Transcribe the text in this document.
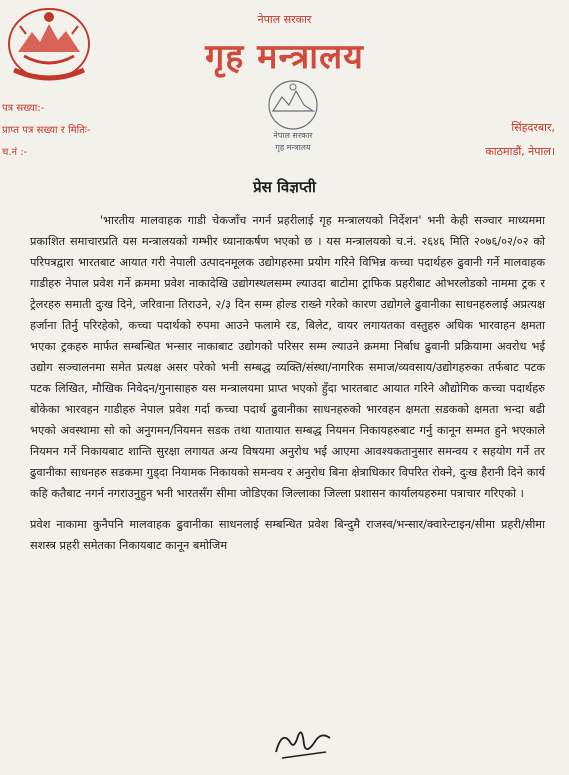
नेपाल सरकार
गृह मन्त्रालय
पत्र सख्या:-
प्राप्त पत्र सख्या र मितिः-
च.नं :-
सिंहदरबार,
काठमाडौं, नेपाल।
नेपाल सरकार
गृह मन्त्रालय
प्रेस विज्ञप्ती

'भारतीय मालवाहक गाडी चेकजाँच नगर्न प्रहरीलाई गृह मन्त्रालयको निर्देशन' भनी केही सञ्चार माध्यममा प्रकाशित समाचारप्रति यस मन्त्रालयको गम्भीर ध्यानाकर्षण भएको छ । यस मन्त्रालयको च.नं. २६४६ मिति २०७६/०२/०२ को परिपत्रद्वारा भारतबाट आयात गरी नेपाली उत्पादनमूलक उद्योगहरुमा प्रयोग गरिने विभिन्न कच्चा पदार्थहरु ढुवानी गर्ने मालवाहक गाडीहरु नेपाल प्रवेश गर्ने क्रममा प्रवेश नाकादेखि उद्योगस्थलसम्म ल्याउदा बाटोमा ट्राफिक प्रहरीबाट ओभरलोडको नाममा ट्रक र ट्रेलरहरु समाती दुःख दिने, जरिवाना तिराउने, २/३ दिन सम्म होल्ड राख्ने गरेको कारण उद्योगले ढुवानीका साधनहरुलाई अप्रत्यक्ष हर्जाना तिर्नु परिरहेको, कच्चा पदार्थको रुपमा आउने फलामे रड, बिलेट, वायर लगायतका वस्तुहरु अधिक भारवाहन क्षमता भएका ट्रकहरु मार्फत सम्बन्धित भन्सार नाकाबाट उद्योगको परिसर सम्म ल्याउने क्रममा निर्बाध ढुवानी प्रक्रियामा अवरोध भई उद्योग सञ्चालनमा समेत प्रत्यक्ष असर परेको भनी सम्बद्ध व्यक्ति/संस्था/नागरिक समाज/व्यवसाय/उद्योगहरुका तर्फबाट पटक पटक लिखित, मौखिक निवेदन/गुनासाहरु यस मन्त्रालयमा प्राप्त भएको हुँदा भारतबाट आयात गरिने औद्योगिक कच्चा पदार्थहरु बोकेका भारवहन गाडीहरु नेपाल प्रवेश गर्दा कच्चा पदार्थ ढुवानीका साधनहरुको भारवहन क्षमता सडकको क्षमता भन्दा बढी भएको अवस्थामा सो को अनुगमन/नियमन सडक तथा यातायात सम्बद्ध नियमन निकायहरुबाट गर्नु कानून सम्मत हुने भएकाले नियमन गर्ने निकायबाट शान्ति सुरक्षा लगायत अन्य विषयमा अनुरोध भई आएमा आवश्यकतानुसार समन्वय र सहयोग गर्ने तर ढुवानीका साधनहरु सडकमा गुड्दा नियामक निकायको समन्वय र अनुरोध बिना क्षेत्राधिकार विपरित रोक्ने, दुःख हैरानी दिने कार्य कहि कतैबाट नगर्न नगराउनुहुन भनी भारतसँग सीमा जोडिएका जिल्लाका जिल्ला प्रशासन कार्यालयहरुमा पत्राचार गरिएको ।

प्रवेश नाकामा कुनैपनि मालवाहक ढुवानीका साधनलाई सम्बन्धित प्रवेश बिन्दुमै राजस्व/भन्सार/क्वारेन्टाइन/सीमा प्रहरी/सीमा सशस्त्र प्रहरी समेतका निकायबाट कानून बमोजिम
